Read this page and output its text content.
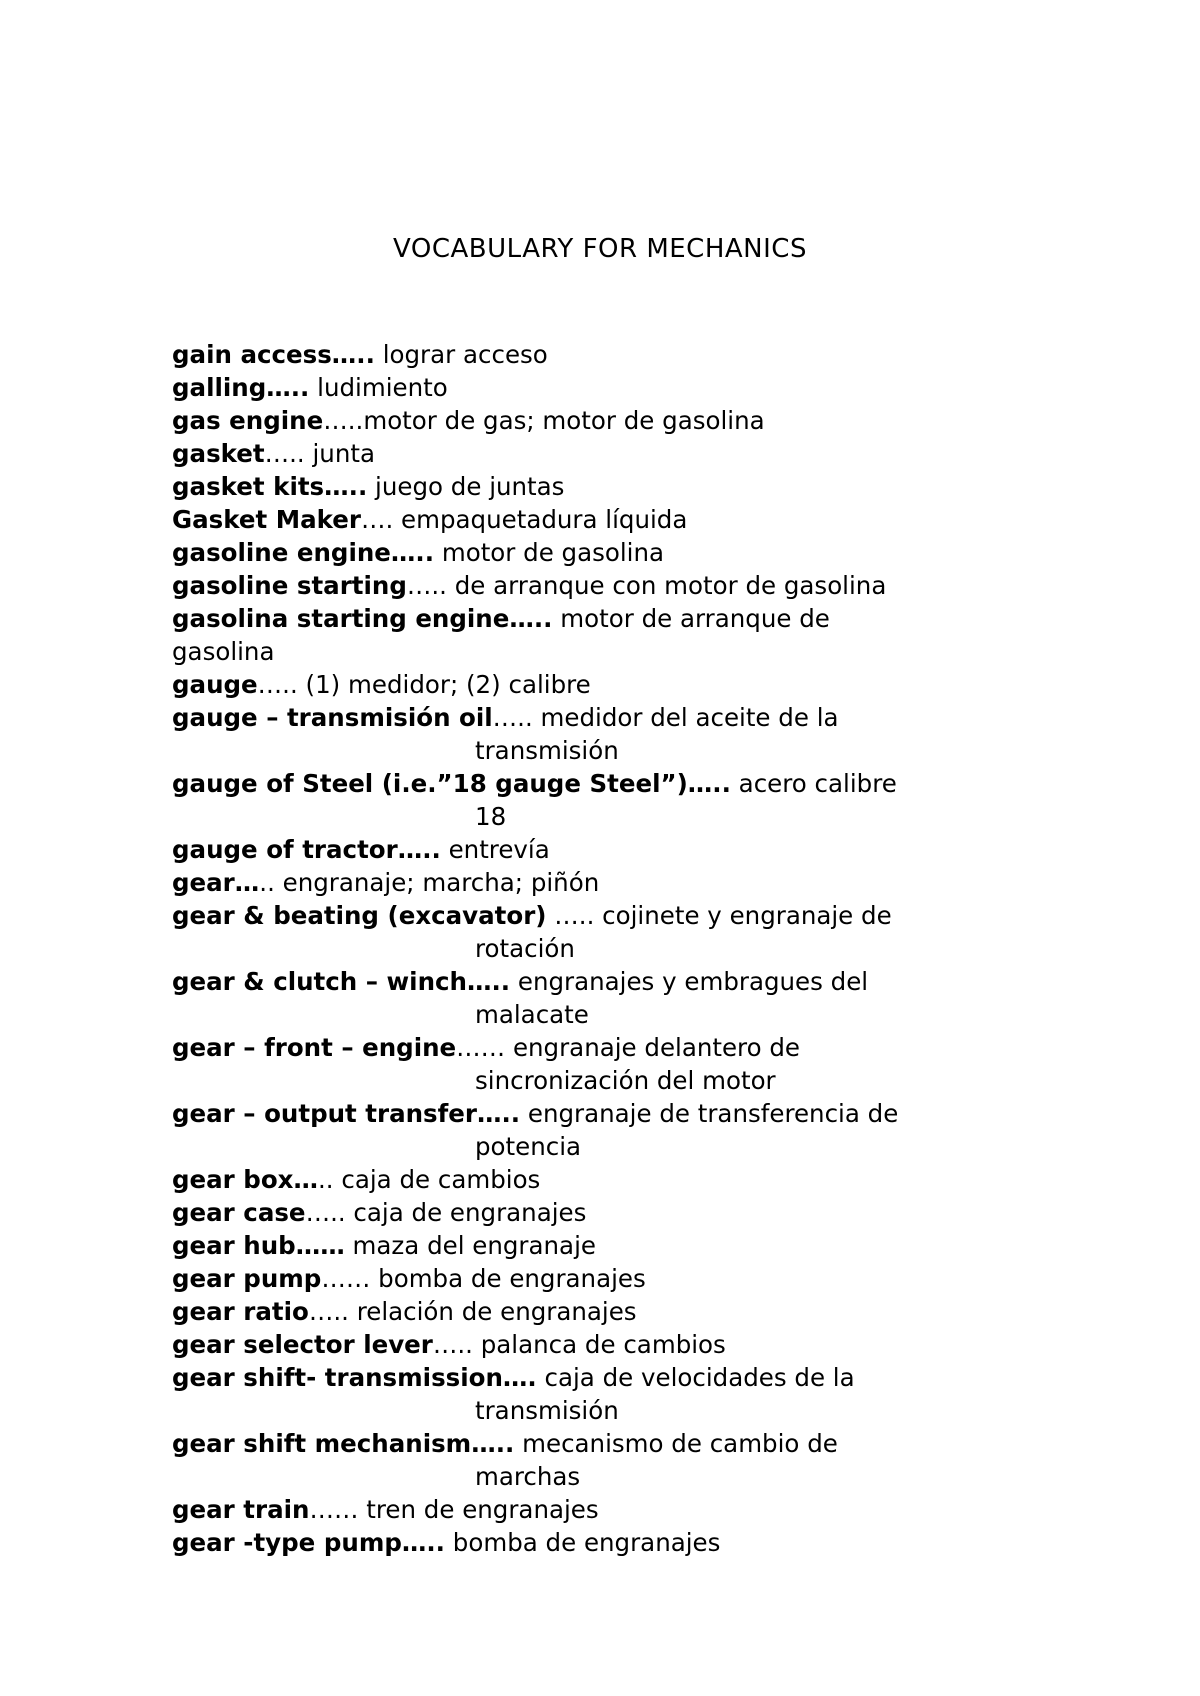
VOCABULARY FOR MECHANICS
gain access….. lograr acceso
galling….. ludimiento
gas engine…..motor de gas; motor de gasolina
gasket….. junta
gasket kits….. juego de juntas
Gasket Maker…. empaquetadura líquida
gasoline engine….. motor de gasolina
gasoline starting….. de arranque con motor de gasolina
gasolina starting engine….. motor de arranque de
gasolina
gauge….. (1) medidor; (2) calibre
gauge – transmisión oil….. medidor del aceite de la
transmisión
gauge of Steel (i.e.”18 gauge Steel”)….. acero calibre
18
gauge of tractor….. entrevía
gear….. engranaje; marcha; piñón
gear & beating (excavator) ….. cojinete y engranaje de
rotación
gear & clutch – winch….. engranajes y embragues del
malacate
gear – front – engine…… engranaje delantero de
sincronización del motor
gear – output transfer….. engranaje de transferencia de
potencia
gear box….. caja de cambios
gear case….. caja de engranajes
gear hub…… maza del engranaje
gear pump…… bomba de engranajes
gear ratio….. relación de engranajes
gear selector lever….. palanca de cambios
gear shift- transmission…. caja de velocidades de la
transmisión
gear shift mechanism….. mecanismo de cambio de
marchas
gear train…… tren de engranajes
gear -type pump….. bomba de engranajes
